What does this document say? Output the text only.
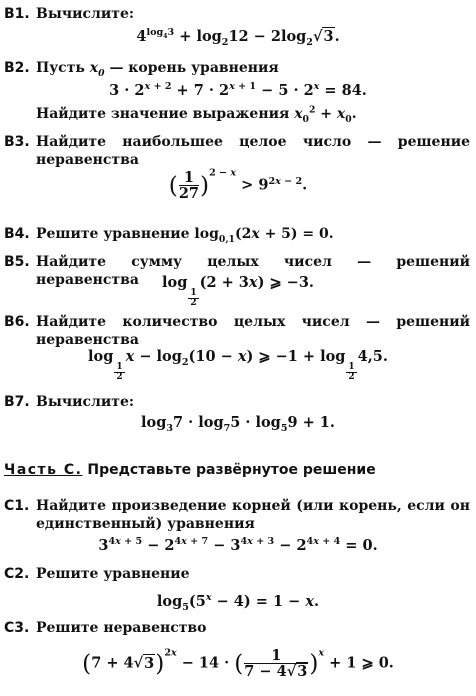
B1. Вычислите:
$4^{log_43} + \log_212 - 2\log_2√3$.
B2. Пусть $x_0$ — корень уравнения
$3 \cdot 2^{x + 2} + 7 \cdot 2^{x + 1} - 5 \cdot 2^x = 84$.
Найдите значение выражения $x_0^2 + x_0$.
B3. Найдите наибольшее целое число — решение неравенства
( $\frac{1}{27} )^{2 - x} > 9^{2x - 2}$.
B4. Решите уравнение $\log_{0,1}(2x + 5) = 0$.
B5. Найдите сумму целых чисел — решений неравенства	log
$\frac{1}{2}$
(2 + 3x) ⩾ −3.
B6. Найдите количество целых чисел — решений неравенства
log
$\frac{1}{2}$
$x - \log_2(10 - x)$ ⩾ −1 + log
$\frac{1}{2}$
4,5.
B7. Вычислите:
$\log_37 \cdot \log_75 \cdot \log_59 + 1$.
Часть С. Представьте развёрнутое решение
С1. Найдите произведение корней (или корень, если он единственный) уравнения
$3^{4x + 5} - 2^{4x + 7} - 3^{4x + 3} - 2^{4x + 4} = 0$.
С2. Решите уравнение
$\log_5(5^x - 4) = 1 - x$.
С3. Решите неравенство
$(7 + 4√3)^{2x} - 14$ · ( $\frac{1}{7 - 4√3} )^x + 1$ ⩾ 0.
